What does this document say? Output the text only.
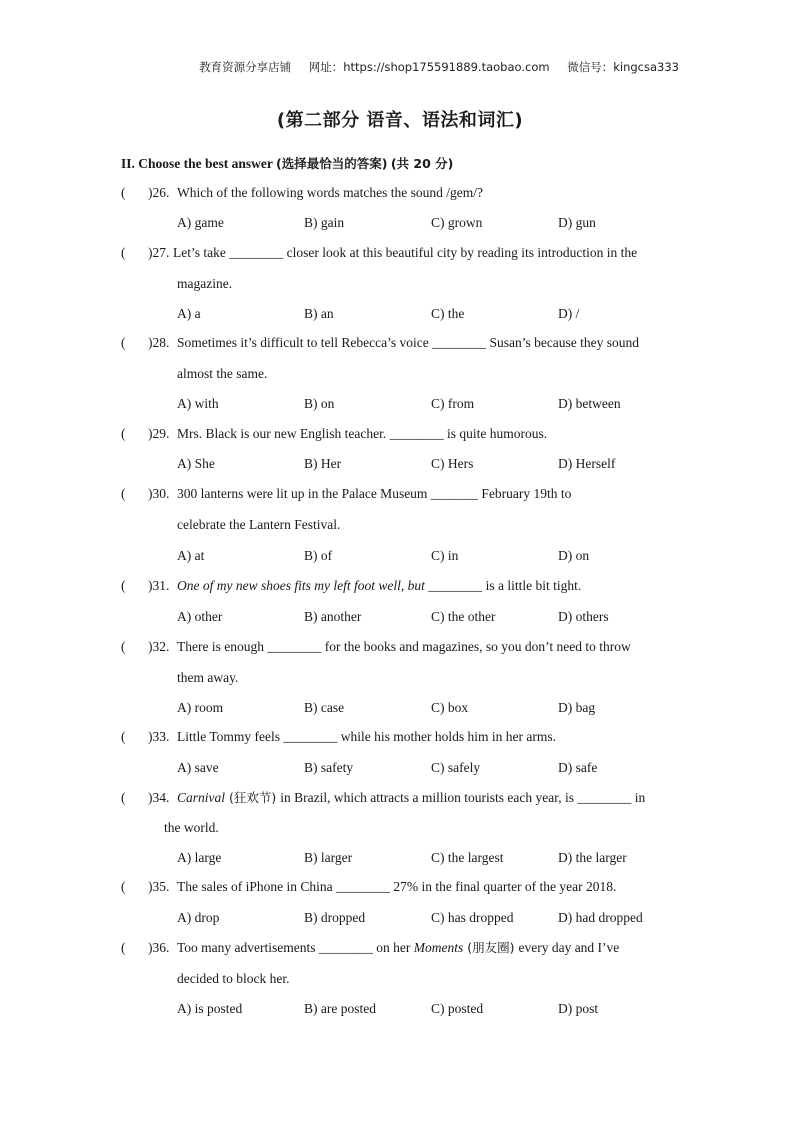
教育资源分享店铺 网址：https://shop175591889.taobao.com 微信号：kingcsa333
(第二部分 语音、语法和词汇)
II. Choose the best answer (选择最恰当的答案) (共 20 分)
( )26. Which of the following words matches the sound /gem/?
A) game	B) gain	C) grown	D) gun
( )27. Let’s take ________ closer look at this beautiful city by reading its introduction in the
magazine.
A) a	B) an	C) the	D) /
( )28. Sometimes it’s difficult to tell Rebecca’s voice ________ Susan’s because they sound
almost the same.
A) with	B) on	C) from	D) between
( )29. Mrs. Black is our new English teacher. ________ is quite humorous.
A) She	B) Her	C) Hers	D) Herself
( )30. 300 lanterns were lit up in the Palace Museum _______ February 19th to
celebrate the Lantern Festival.
A) at	B) of	C) in	D) on
( )31. One of my new shoes fits my left foot well, but ________ is a little bit tight.
A) other	B) another	C) the other	D) others
( )32. There is enough ________ for the books and magazines, so you don’t need to throw
them away.
A) room	B) case	C) box	D) bag
( )33. Little Tommy feels ________ while his mother holds him in her arms.
A) save	B) safety	C) safely	D) safe
( )34. Carnival (狂欢节) in Brazil, which attracts a million tourists each year, is ________ in
the world.
A) large	B) larger	C) the largest	D) the larger
( )35. The sales of iPhone in China ________ 27% in the final quarter of the year 2018.
A) drop	B) dropped	C) has dropped	D) had dropped
( )36. Too many advertisements ________ on her Moments (朋友圈) every day and I’ve
decided to block her.
A) is posted	B) are posted	C) posted	D) post
